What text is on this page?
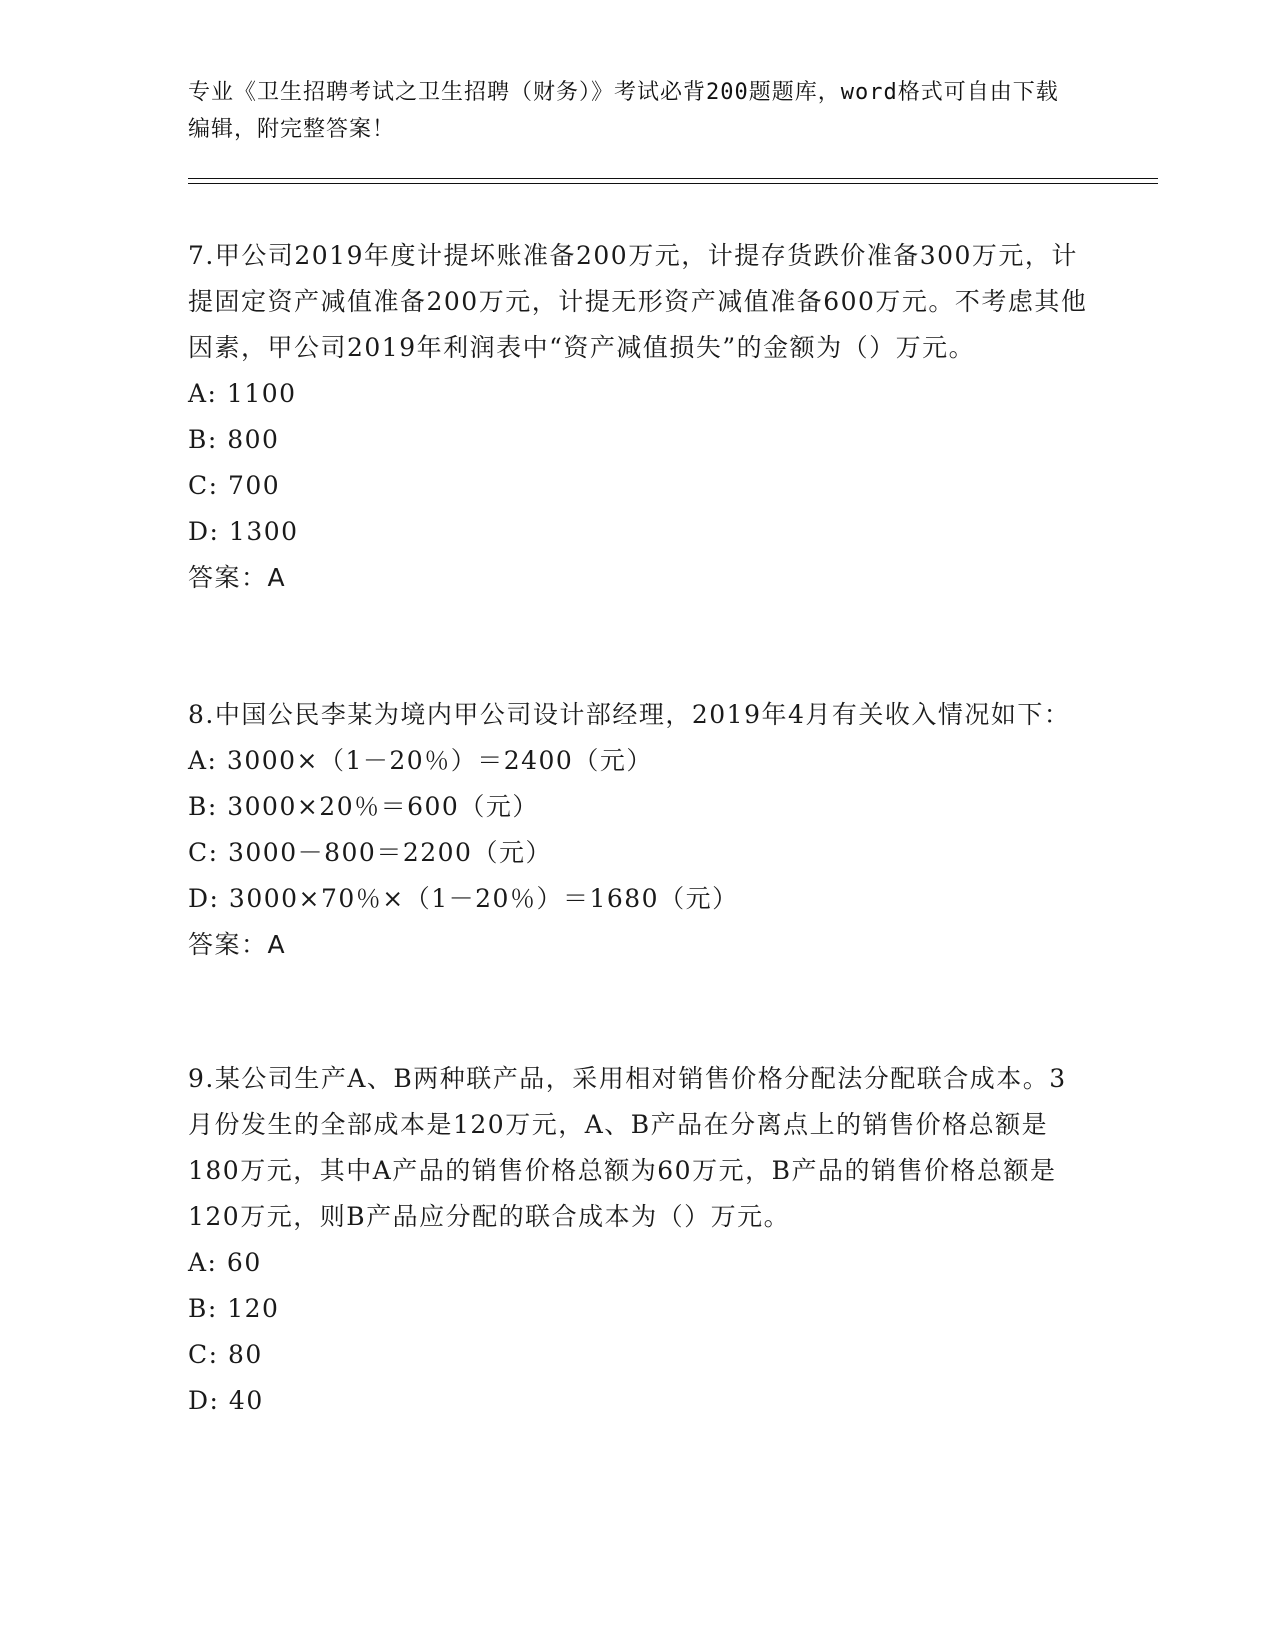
专业《卫生招聘考试之卫生招聘（财务）》考试必背200题题库，word格式可自由下载编辑，附完整答案！

7.甲公司2019年度计提坏账准备200万元，计提存货跌价准备300万元，计提固定资产减值准备200万元，计提无形资产减值准备600万元。不考虑其他因素，甲公司2019年利润表中“资产减值损失”的金额为（）万元。

A: 1100

B: 800

C: 700

D: 1300

答案：A

8.中国公民李某为境内甲公司设计部经理，2019年4月有关收入情况如下：

A: 3000×（1－20％）＝2400（元）

B: 3000×20％＝600（元）

C: 3000－800＝2200（元）

D: 3000×70％×（1－20％）＝1680（元）

答案：A

9.某公司生产A、B两种联产品，采用相对销售价格分配法分配联合成本。3月份发生的全部成本是120万元，A、B产品在分离点上的销售价格总额是180万元，其中A产品的销售价格总额为60万元，B产品的销售价格总额是120万元，则B产品应分配的联合成本为（）万元。

A: 60

B: 120

C: 80

D: 40
